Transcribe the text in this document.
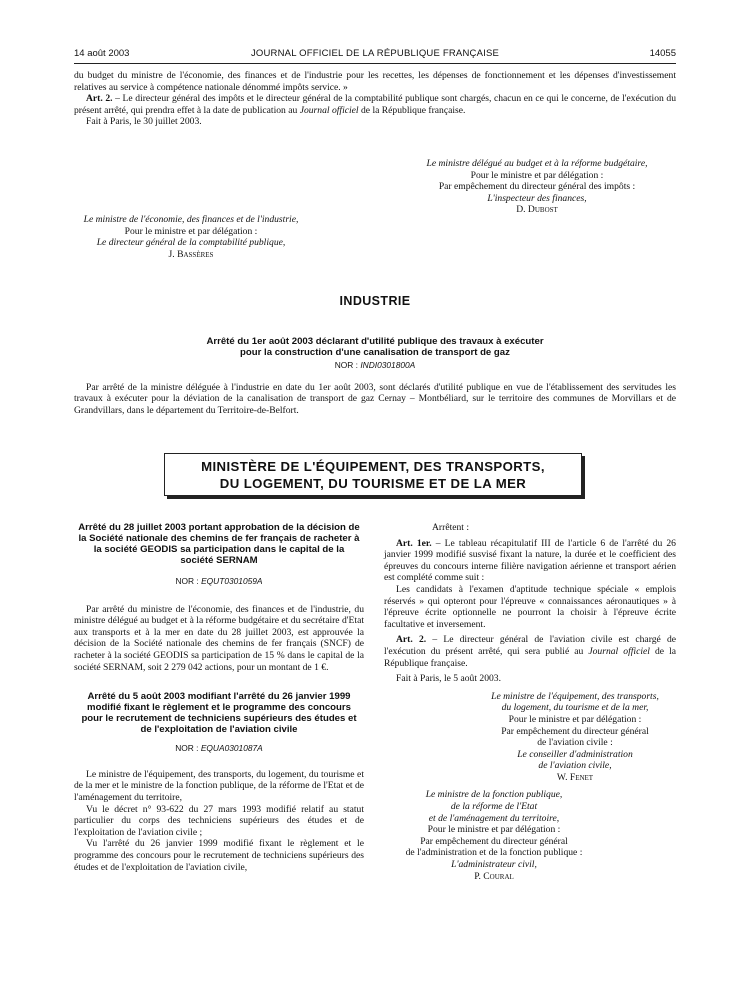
14 août 2003	JOURNAL OFFICIEL DE LA RÉPUBLIQUE FRANÇAISE	14055

du budget du ministre de l'économie, des finances et de l'industrie pour les recettes, les dépenses de fonctionnement et les dépenses d'investissement relatives au service à compétence nationale dénommé impôts service. »

Art. 2. – Le directeur général des impôts et le directeur général de la comptabilité publique sont chargés, chacun en ce qui le concerne, de l'exécution du présent arrêté, qui prendra effet à la date de publication au Journal officiel de la République française.

Fait à Paris, le 30 juillet 2003.

Le ministre délégué au budget et à la réforme budgétaire,

Pour le ministre et par délégation :

Par empêchement du directeur général des impôts :

L'inspecteur des finances,

D. Dubost

Le ministre de l'économie, des finances et de l'industrie,

Pour le ministre et par délégation :

Le directeur général de la comptabilité publique,

J. Bassères

INDUSTRIE

Arrêté du 1er août 2003 déclarant d'utilité publique des travaux à exécuter

pour la construction d'une canalisation de transport de gaz

NOR : INDI0301800A

Par arrêté de la ministre déléguée à l'industrie en date du 1er août 2003, sont déclarés d'utilité publique en vue de l'établissement des servitudes les travaux à exécuter pour la déviation de la canalisation de transport de gaz Cernay – Montbéliard, sur le territoire des communes de Morvillars et de Grandvillars, dans le département du Territoire-de-Belfort.

MINISTÈRE DE L'ÉQUIPEMENT, DES TRANSPORTS,
DU LOGEMENT, DU TOURISME ET DE LA MER

Arrêté du 28 juillet 2003 portant approbation de la décision de la Société nationale des chemins de fer français de racheter à la société GEODIS sa participation dans le capital de la société SERNAM

NOR : EQUT0301059A

Par arrêté du ministre de l'économie, des finances et de l'industrie, du ministre délégué au budget et à la réforme budgétaire et du secrétaire d'Etat aux transports et à la mer en date du 28 juillet 2003, est approuvée la décision de la Société nationale des chemins de fer français (SNCF) de racheter à la société GEODIS sa participation de 15 % dans le capital de la société SERNAM, soit 2 279 042 actions, pour un montant de 1 €.

Arrêté du 5 août 2003 modifiant l'arrêté du 26 janvier 1999 modifié fixant le règlement et le programme des concours pour le recrutement de techniciens supérieurs des études et de l'exploitation de l'aviation civile

NOR : EQUA0301087A

Le ministre de l'équipement, des transports, du logement, du tourisme et de la mer et le ministre de la fonction publique, de la réforme de l'Etat et de l'aménagement du territoire,

Vu le décret n° 93-622 du 27 mars 1993 modifié relatif au statut particulier du corps des techniciens supérieurs des études et de l'exploitation de l'aviation civile ;

Vu l'arrêté du 26 janvier 1999 modifié fixant le règlement et le programme des concours pour le recrutement de techniciens supérieurs des études et de l'exploitation de l'aviation civile,

Arrêtent :

Art. 1er. – Le tableau récapitulatif III de l'article 6 de l'arrêté du 26 janvier 1999 modifié susvisé fixant la nature, la durée et le coefficient des épreuves du concours interne filière navigation aérienne et transport aérien est complété comme suit :

Les candidats à l'examen d'aptitude technique spéciale « emplois réservés » qui opteront pour l'épreuve « connaissances aéronautiques » à l'épreuve écrite optionnelle ne pourront la choisir à l'épreuve écrite facultative et inversement.

Art. 2. – Le directeur général de l'aviation civile est chargé de l'exécution du présent arrêté, qui sera publié au Journal officiel de la République française.

Fait à Paris, le 5 août 2003.

Le ministre de l'équipement, des transports,

du logement, du tourisme et de la mer,

Pour le ministre et par délégation :

Par empêchement du directeur général

de l'aviation civile :

Le conseiller d'administration

de l'aviation civile,

W. Fenet

Le ministre de la fonction publique,

de la réforme de l'Etat

et de l'aménagement du territoire,

Pour le ministre et par délégation :

Par empêchement du directeur général

de l'administration et de la fonction publique :

L'administrateur civil,

P. Coural
